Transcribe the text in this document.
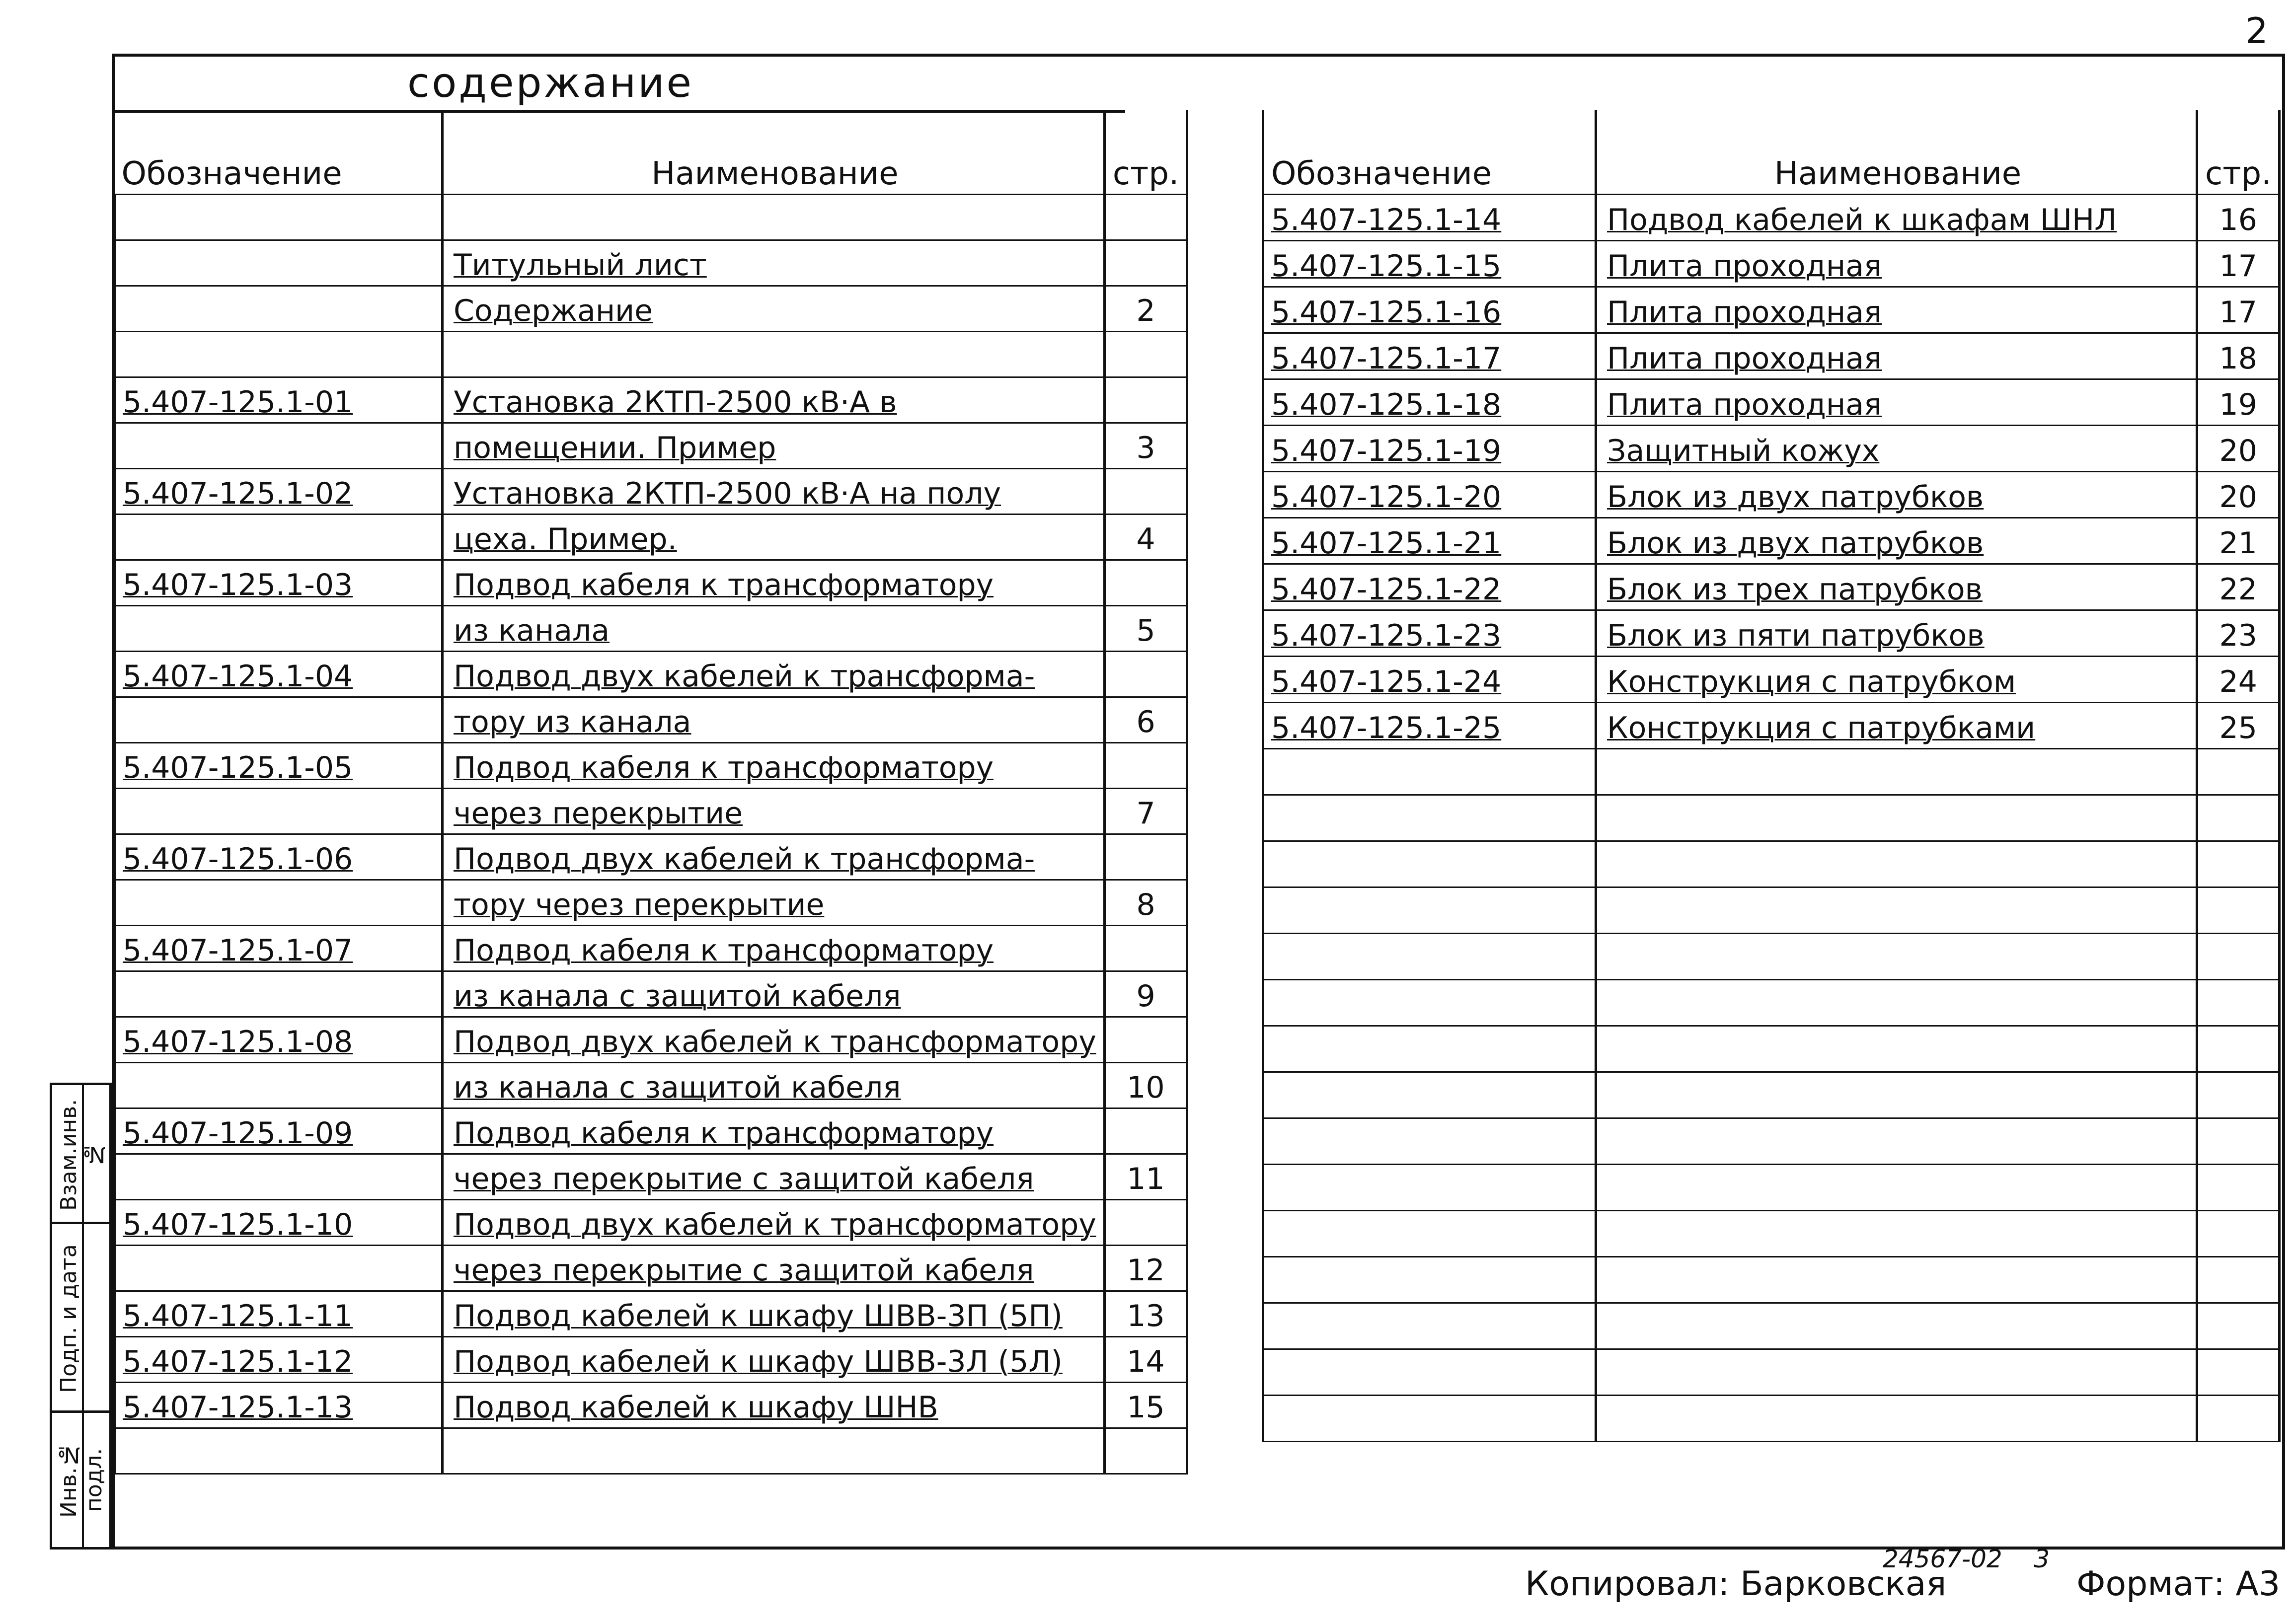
2
содержание
Обозначение	Наименование	стр.

	Титульный лист	
	Содержание	2

5.407-125.1-01	Установка 2КТП-2500 кВ·А в	
	помещении. Пример	3
5.407-125.1-02	Установка 2КТП-2500 кВ·А на полу	
	цеха. Пример.	4
5.407-125.1-03	Подвод кабеля к трансформатору	
	из канала	5
5.407-125.1-04	Подвод двух кабелей к трансформа-	
	тору из канала	6
5.407-125.1-05	Подвод кабеля к трансформатору	
	через перекрытие	7
5.407-125.1-06	Подвод двух кабелей к трансформа-	
	тору через перекрытие	8
5.407-125.1-07	Подвод кабеля к трансформатору	
	из канала с защитой кабеля	9
5.407-125.1-08	Подвод двух кабелей к трансформатору	
	из канала с защитой кабеля	10
5.407-125.1-09	Подвод кабеля к трансформатору	
	через перекрытие с защитой кабеля	11
5.407-125.1-10	Подвод двух кабелей к трансформатору	
	через перекрытие с защитой кабеля	12
5.407-125.1-11	Подвод кабелей к шкафу ШВВ-3П (5П)	13
5.407-125.1-12	Подвод кабелей к шкафу ШВВ-3Л (5Л)	14
5.407-125.1-13	Подвод кабелей к шкафу ШНВ	15

Обозначение	Наименование	стр.
5.407-125.1-14	Подвод кабелей к шкафам ШНЛ	16
5.407-125.1-15	Плита проходная	17
5.407-125.1-16	Плита проходная	17
5.407-125.1-17	Плита проходная	18
5.407-125.1-18	Плита проходная	19
5.407-125.1-19	Защитный кожух	20
5.407-125.1-20	Блок из двух патрубков	20
5.407-125.1-21	Блок из двух патрубков	21
5.407-125.1-22	Блок из трех патрубков	22
5.407-125.1-23	Блок из пяти патрубков	23
5.407-125.1-24	Конструкция с патрубком	24
5.407-125.1-25	Конструкция с патрубками	25

Взам.инв.№
Подп. и дата
Инв.№ подл.
Копировал: Барковская
24567-02 3
Формат: А3
